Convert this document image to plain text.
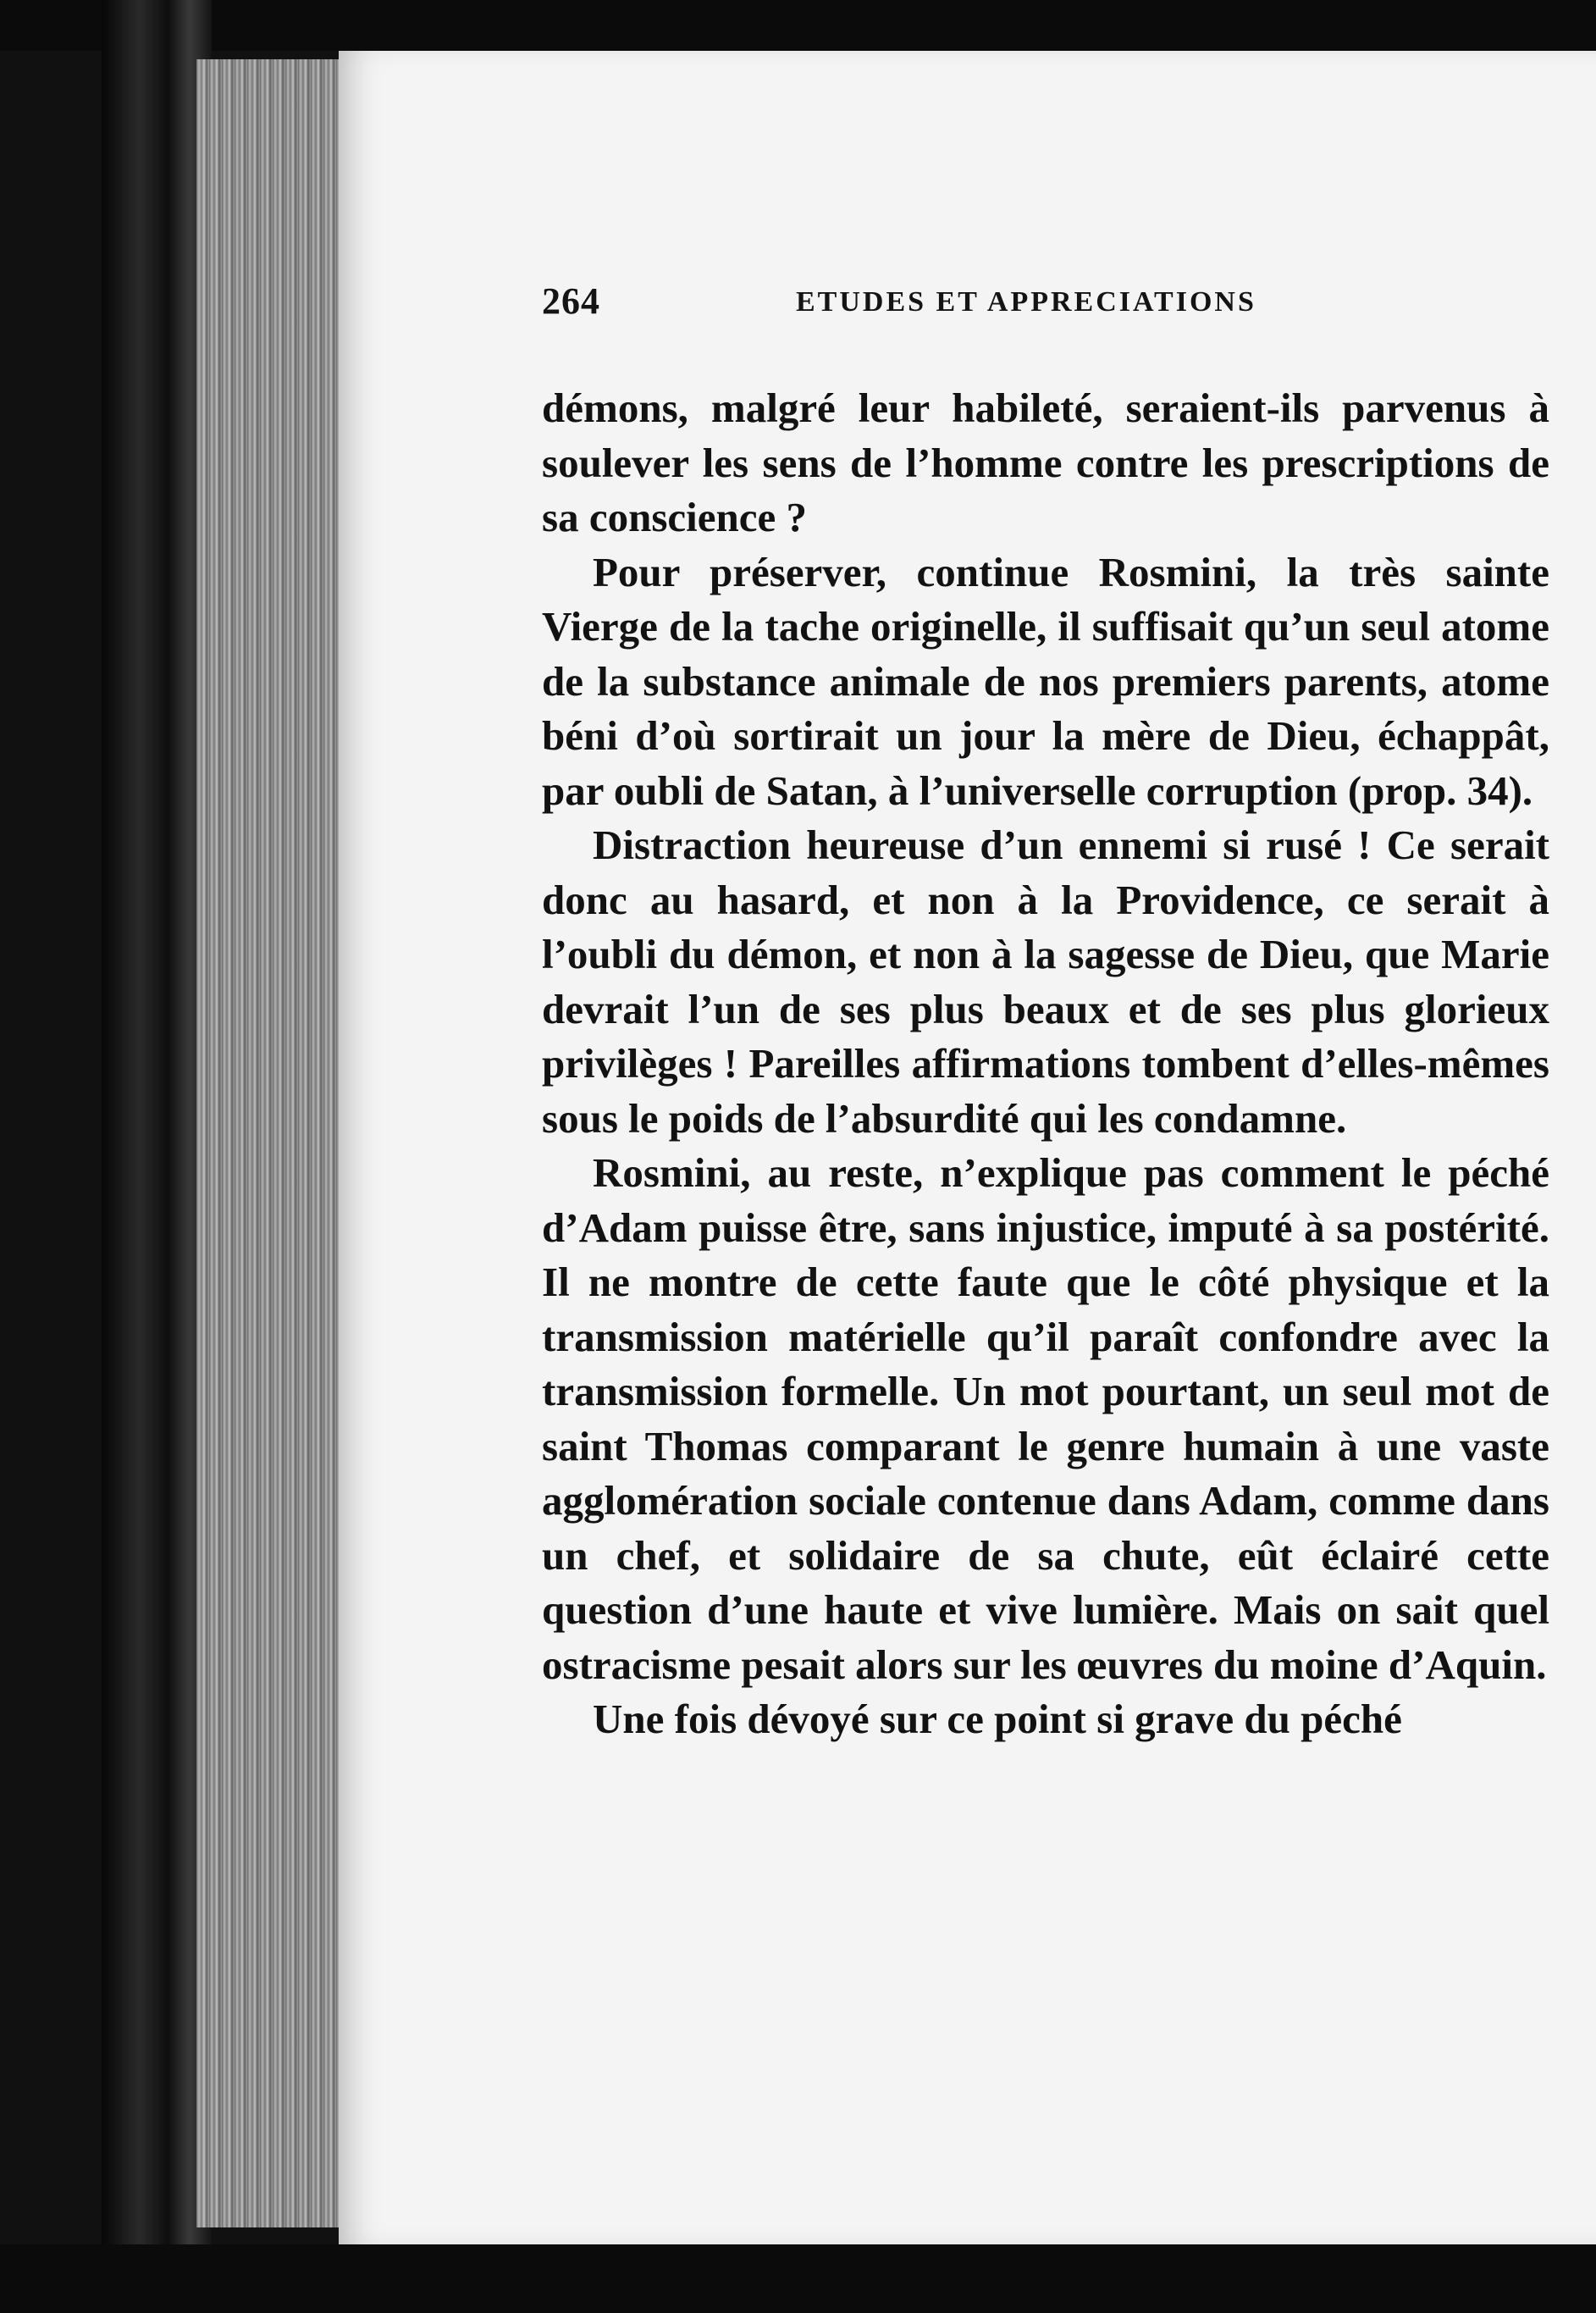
264	ETUDES ET APPRECIATIONS

démons, malgré leur habileté, seraient-ils parvenus à soulever les sens de l’homme contre les prescriptions de sa conscience ?

Pour préserver, continue Rosmini, la très sainte Vierge de la tache originelle, il suffisait qu’un seul atome de la substance animale de nos premiers parents, atome béni d’où sortirait un jour la mère de Dieu, échappât, par oubli de Satan, à l’universelle corruption (prop. 34).

Distraction heureuse d’un ennemi si rusé ! Ce serait donc au hasard, et non à la Providence, ce serait à l’oubli du démon, et non à la sagesse de Dieu, que Marie devrait l’un de ses plus beaux et de ses plus glorieux privilèges ! Pareilles affirmations tombent d’elles-mêmes sous le poids de l’absurdité qui les condamne.

Rosmini, au reste, n’explique pas comment le péché d’Adam puisse être, sans injustice, imputé à sa postérité. Il ne montre de cette faute que le côté physique et la transmission matérielle qu’il paraît confondre avec la transmission formelle. Un mot pourtant, un seul mot de saint Thomas comparant le genre humain à une vaste agglomération sociale contenue dans Adam, comme dans un chef, et solidaire de sa chute, eût éclairé cette question d’une haute et vive lumière. Mais on sait quel ostracisme pesait alors sur les œuvres du moine d’Aquin.

Une fois dévoyé sur ce point si grave du péché
